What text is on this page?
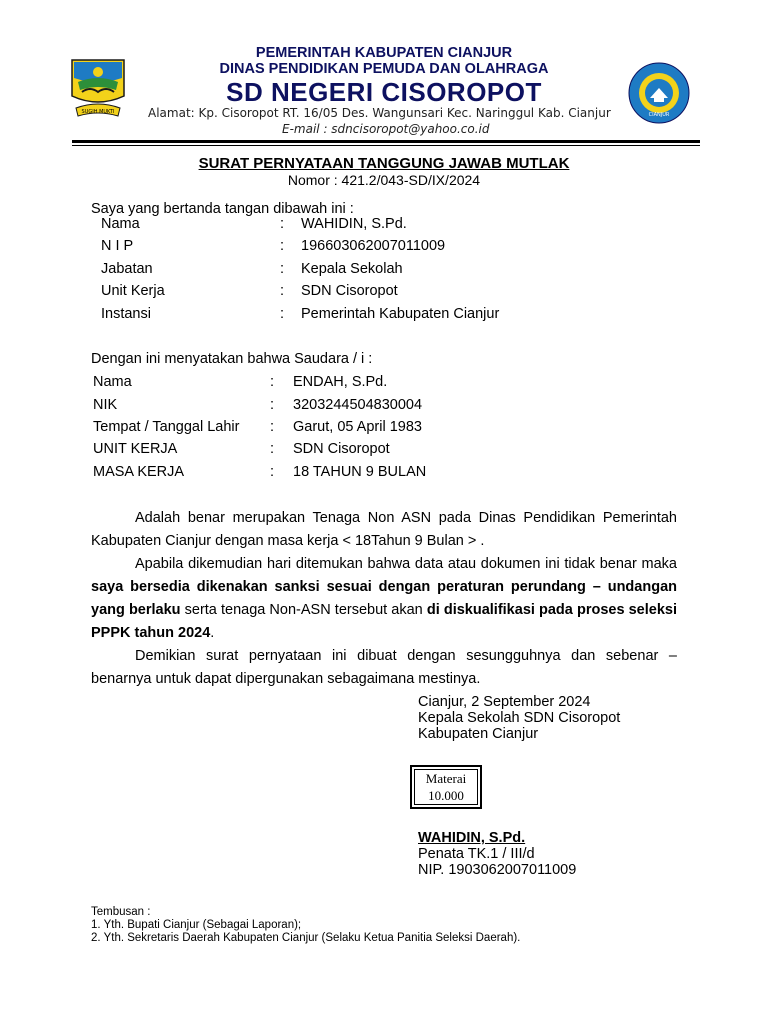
SUGIH MUKTI	CIANJUR
PEMERINTAH KABUPATEN CIANJUR
DINAS PENDIDIKAN PEMUDA DAN OLAHRAGA
SD NEGERI CISOROPOT
Alamat: Kp. Cisoropot RT. 16/05 Des. Wangunsari Kec. Naringgul Kab. Cianjur
E-mail : sdncisoropot@yahoo.co.id
SURAT PERNYATAAN TANGGUNG JAWAB MUTLAK
Nomor : 421.2/043-SD/IX/2024
Saya yang bertanda tangan dibawah ini :
Nama	: WAHIDIN, S.Pd.
N I P	: 196603062007011009
Jabatan	: Kepala Sekolah
Unit Kerja	: SDN Cisoropot
Instansi	: Pemerintah Kabupaten Cianjur
Dengan ini menyatakan bahwa Saudara / i :
Nama	: ENDAH, S.Pd.
NIK	: 3203244504830004
Tempat / Tanggal Lahir : Garut, 05 April 1983
UNIT KERJA	: SDN Cisoropot
MASA KERJA	: 18 TAHUN 9 BULAN

Adalah benar merupakan Tenaga Non ASN pada Dinas Pendidikan Pemerintah Kabupaten Cianjur dengan masa kerja < 18Tahun 9 Bulan > .

Apabila dikemudian hari ditemukan bahwa data atau dokumen ini tidak benar maka saya bersedia dikenakan sanksi sesuai dengan peraturan perundang – undangan yang berlaku serta tenaga Non-ASN tersebut akan di diskualifikasi pada proses seleksi PPPK tahun 2024.

Demikian surat pernyataan ini dibuat dengan sesungguhnya dan sebenar – benarnya untuk dapat dipergunakan sebagaimana mestinya.

Cianjur, 2 September 2024
Kepala Sekolah SDN Cisoropot
Kabupaten Cianjur
Materai
10.000
WAHIDIN, S.Pd.
Penata TK.1 / III/d
NIP. 1903062007011009
Tembusan :
1. Yth. Bupati Cianjur (Sebagai Laporan);
2. Yth. Sekretaris Daerah Kabupaten Cianjur (Selaku Ketua Panitia Seleksi Daerah).
